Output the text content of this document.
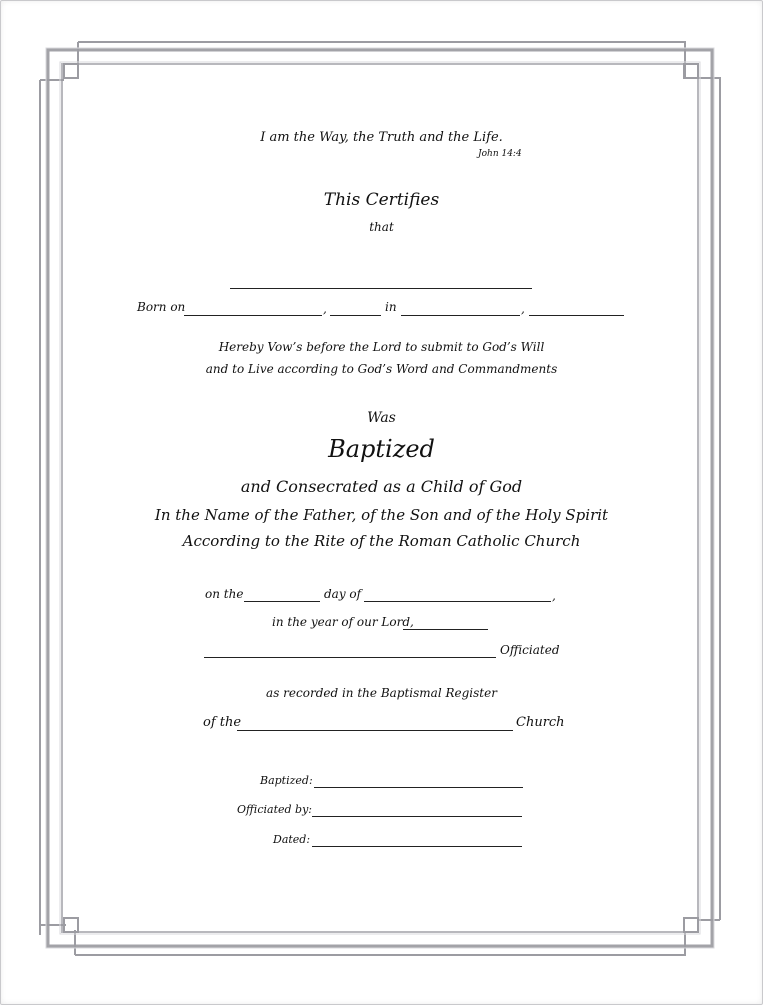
I am the Way, the Truth and the Life.
John 14:4
This Certifies
that
Born on	,	in	,
Hereby Vow’s before the Lord to submit to God’s Will
and to Live according to God’s Word and Commandments
Was
Baptized
and Consecrated as a Child of God
In the Name of the Father, of the Son and of the Holy Spirit
According to the Rite of the Roman Catholic Church
on the	day of	,
in the year of our Lord,
Officiated
as recorded in the Baptismal Register
of the	Church
Baptized:
Officiated by:
Dated:
